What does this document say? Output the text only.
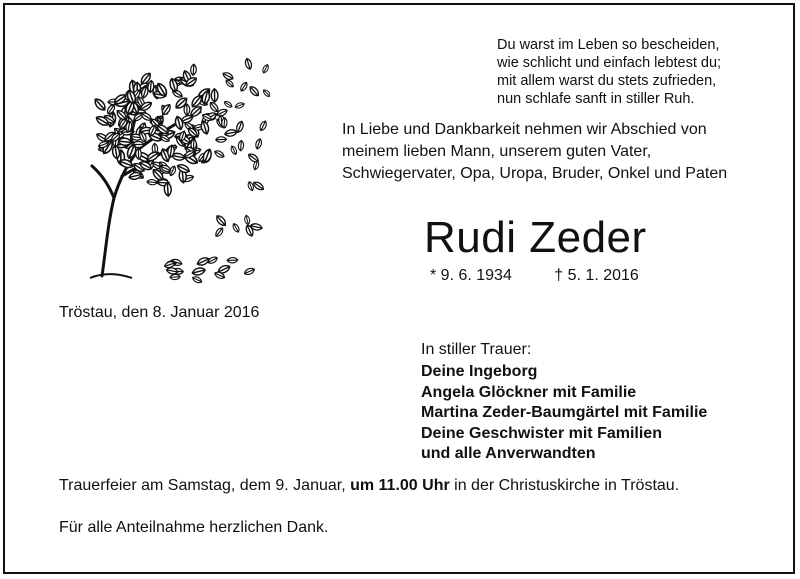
Du warst im Leben so bescheiden,
wie schlicht und einfach lebtest du;
mit allem warst du stets zufrieden,
nun schlafe sanft in stiller Ruh.
In Liebe und Dankbarkeit nehmen wir Abschied von meinem lieben Mann, unserem guten Vater, Schwiegervater, Opa, Uropa, Bruder, Onkel und Paten
Rudi Zeder
* 9. 6. 1934	† 5. 1. 2016
Tröstau, den 8. Januar 2016
In stiller Trauer:
Deine Ingeborg
Angela Glöckner mit Familie
Martina Zeder-Baumgärtel mit Familie
Deine Geschwister mit Familien
und alle Anverwandten
Trauerfeier am Samstag, dem 9. Januar, um 11.00 Uhr in der Christuskirche in Tröstau.
Für alle Anteilnahme herzlichen Dank.
